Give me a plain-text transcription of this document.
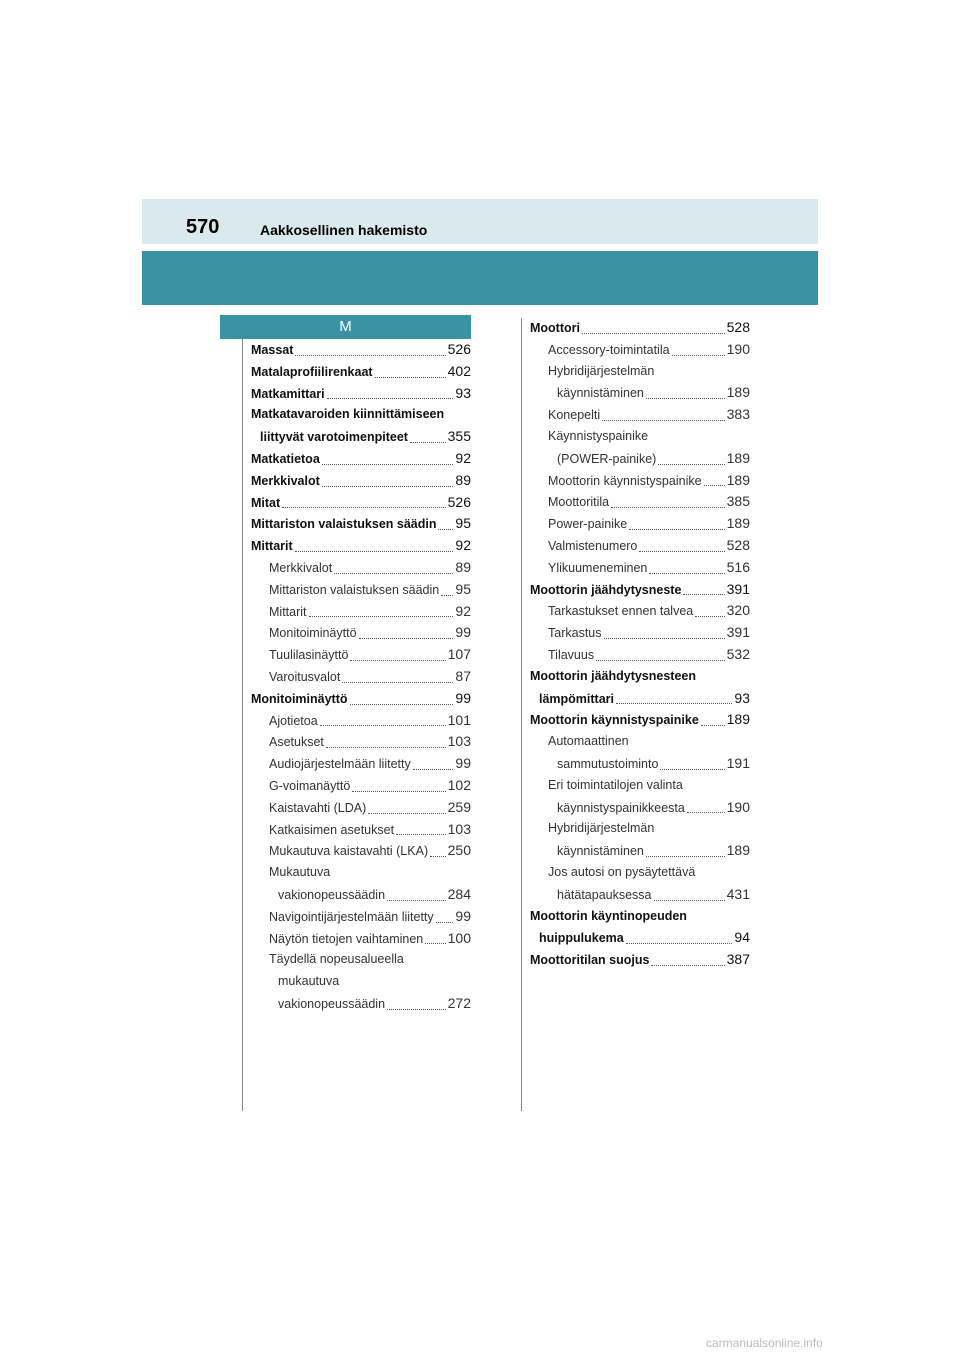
570	Aakkosellinen hakemisto
M
Massat	526
Matalaprofiilirenkaat	402
Matkamittari	93
Matkatavaroiden kiinnittämiseen
liittyvät varotoimenpiteet	355
Matkatietoa	92
Merkkivalot	89
Mitat	526
Mittariston valaistuksen säädin 95
Mittarit	92
Merkkivalot	89
Mittariston valaistuksen säädin 95
Mittarit	92
Monitoiminäyttö	99
Tuulilasinäyttö	107
Varoitusvalot	87
Monitoiminäyttö	99
Ajotietoa	101
Asetukset	103
Audiojärjestelmään liitetty	99
G-voimanäyttö	102
Kaistavahti (LDA)	259
Katkaisimen asetukset	103
Mukautuva kaistavahti (LKA) 250
Mukautuva
vakionopeussäädin	284
Navigointijärjestelmään liitetty 99
Näytön tietojen vaihtaminen 100
Täydellä nopeusalueella
mukautuva
vakionopeussäädin	272
Moottori	528
Accessory-toimintatila	190
Hybridijärjestelmän
käynnistäminen	189
Konepelti	383
Käynnistyspainike
(POWER-painike)	189
Moottorin käynnistyspainike 189
Moottoritila	385
Power-painike	189
Valmistenumero	528
Ylikuumeneminen	516
Moottorin jäähdytysneste	391
Tarkastukset ennen talvea 320
Tarkastus	391
Tilavuus	532
Moottorin jäähdytysnesteen
lämpömittari	93
Moottorin käynnistyspainike 189
Automaattinen
sammutustoiminto	191
Eri toimintatilojen valinta
käynnistyspainikkeesta	190
Hybridijärjestelmän
käynnistäminen	189
Jos autosi on pysäytettävä
hätätapauksessa	431
Moottorin käyntinopeuden
huippulukema	94
Moottoritilan suojus	387
carmanualsonline.info
